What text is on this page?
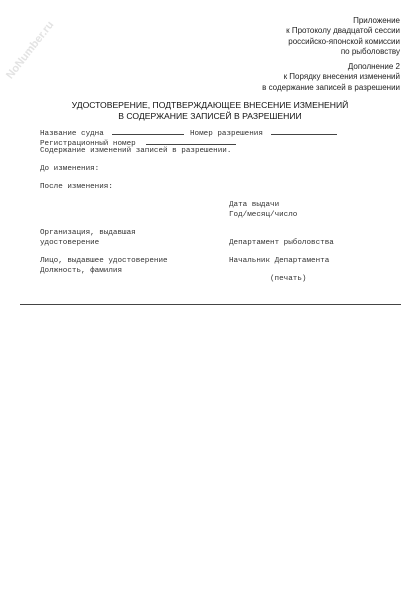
NoNumber.ru	Приложение
к Протоколу двадцатой сессии
российско-японской комиссии
по рыболовству
Дополнение 2
к Порядку внесения изменений
в содержание записей в разрешении
УДОСТОВЕРЕНИЕ, ПОДТВЕРЖДАЮЩЕЕ ВНЕСЕНИЕ ИЗМЕНЕНИЙ
В СОДЕРЖАНИЕ ЗАПИСЕЙ В РАЗРЕШЕНИИ
Название судна	Номер разрешения
Регистрационный номер
Содержание изменений записей в разрешении.
До изменения:
После изменения:
Дата выдачи
Год/месяц/число
Организация, выдавшая
удостоверение	Департамент рыболовства
Лицо, выдавшее удостоверение	Начальник Департамента
Должность, фамилия
(печать)
